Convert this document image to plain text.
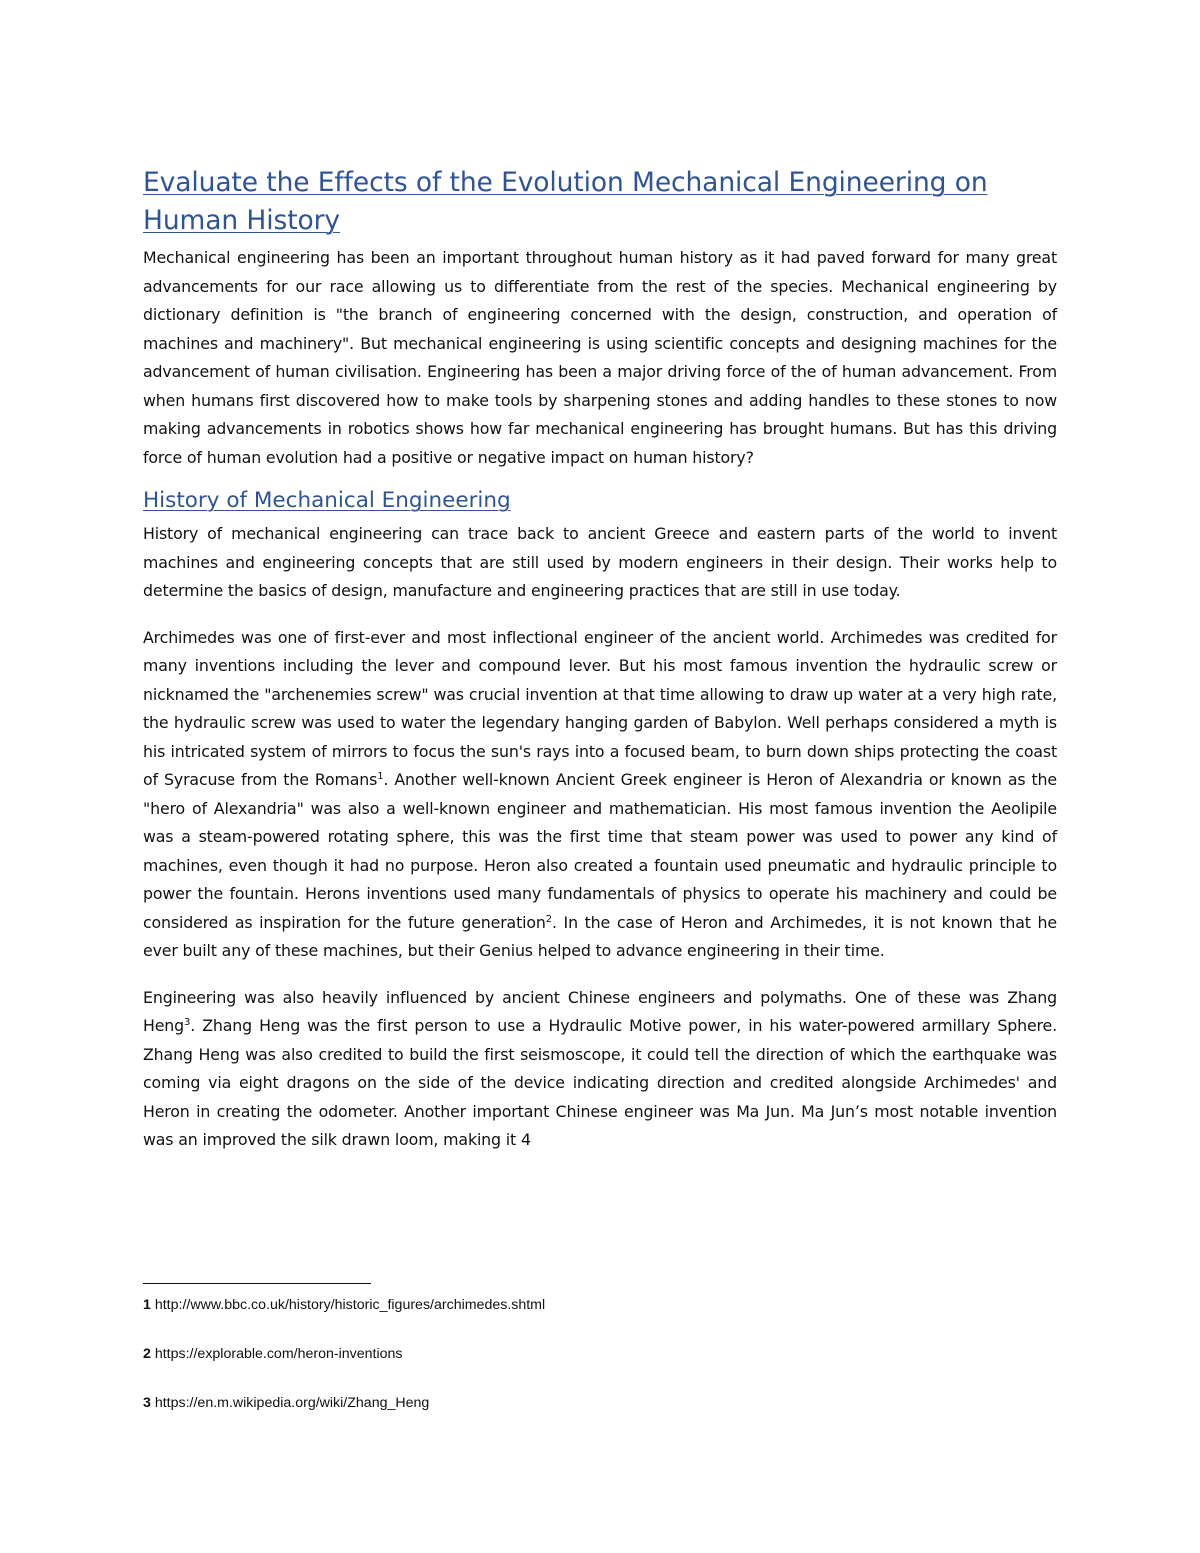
Evaluate the Effects of the Evolution Mechanical Engineering on Human History

Mechanical engineering has been an important throughout human history as it had paved forward for many great advancements for our race allowing us to differentiate from the rest of the species. Mechanical engineering by dictionary definition is "the branch of engineering concerned with the design, construction, and operation of machines and machinery". But mechanical engineering is using scientific concepts and designing machines for the advancement of human civilisation. Engineering has been a major driving force of the of human advancement. From when humans first discovered how to make tools by sharpening stones and adding handles to these stones to now making advancements in robotics shows how far mechanical engineering has brought humans. But has this driving force of human evolution had a positive or negative impact on human history?

History of Mechanical Engineering

History of mechanical engineering can trace back to ancient Greece and eastern parts of the world to invent machines and engineering concepts that are still used by modern engineers in their design. Their works help to determine the basics of design, manufacture and engineering practices that are still in use today.

Archimedes was one of first-ever and most inflectional engineer of the ancient world. Archimedes was credited for many inventions including the lever and compound lever. But his most famous invention the hydraulic screw or nicknamed the "archenemies screw" was crucial invention at that time allowing to draw up water at a very high rate, the hydraulic screw was used to water the legendary hanging garden of Babylon. Well perhaps considered a myth is his intricated system of mirrors to focus the sun's rays into a focused beam, to burn down ships protecting the coast of Syracuse from the Romans$^1$. Another well-known Ancient Greek engineer is Heron of Alexandria or known as the "hero of Alexandria" was also a well-known engineer and mathematician. His most famous invention the Aeolipile was a steam-powered rotating sphere, this was the first time that steam power was used to power any kind of machines, even though it had no purpose. Heron also created a fountain used pneumatic and hydraulic principle to power the fountain. Herons inventions used many fundamentals of physics to operate his machinery and could be considered as inspiration for the future generation$^2$. In the case of Heron and Archimedes, it is not known that he ever built any of these machines, but their Genius helped to advance engineering in their time.

Engineering was also heavily influenced by ancient Chinese engineers and polymaths. One of these was Zhang Heng$^3$. Zhang Heng was the first person to use a Hydraulic Motive power, in his water-powered armillary Sphere. Zhang Heng was also credited to build the first seismoscope, it could tell the direction of which the earthquake was coming via eight dragons on the side of the device indicating direction and credited alongside Archimedes' and Heron in creating the odometer. Another important Chinese engineer was Ma Jun. Ma Jun’s most notable invention was an improved the silk drawn loom, making it 4

1 http://www.bbc.co.uk/history/historic_figures/archimedes.shtml

2 https://explorable.com/heron-inventions

3 https://en.m.wikipedia.org/wiki/Zhang_Heng
